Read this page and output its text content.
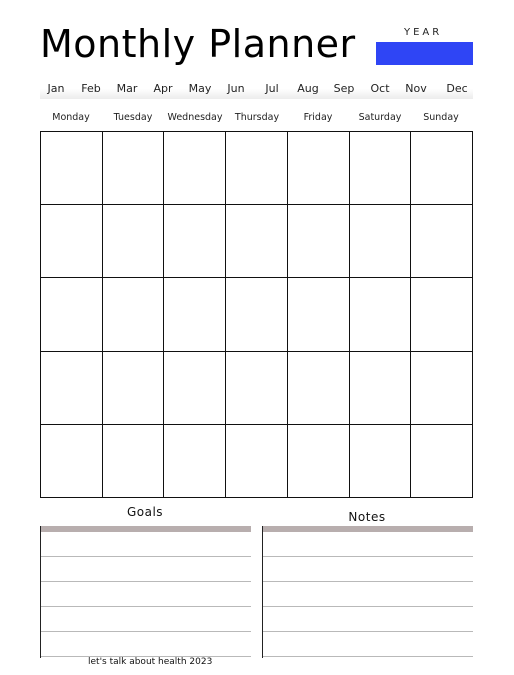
Monthly Planner	YEAR
Jan Feb Mar Apr May Jun Jul Aug Sep Oct Nov Dec
Monday	Tuesday Wednesday Thursday	Friday	Saturday Sunday
Goals	Notes
let's talk about health 2023
